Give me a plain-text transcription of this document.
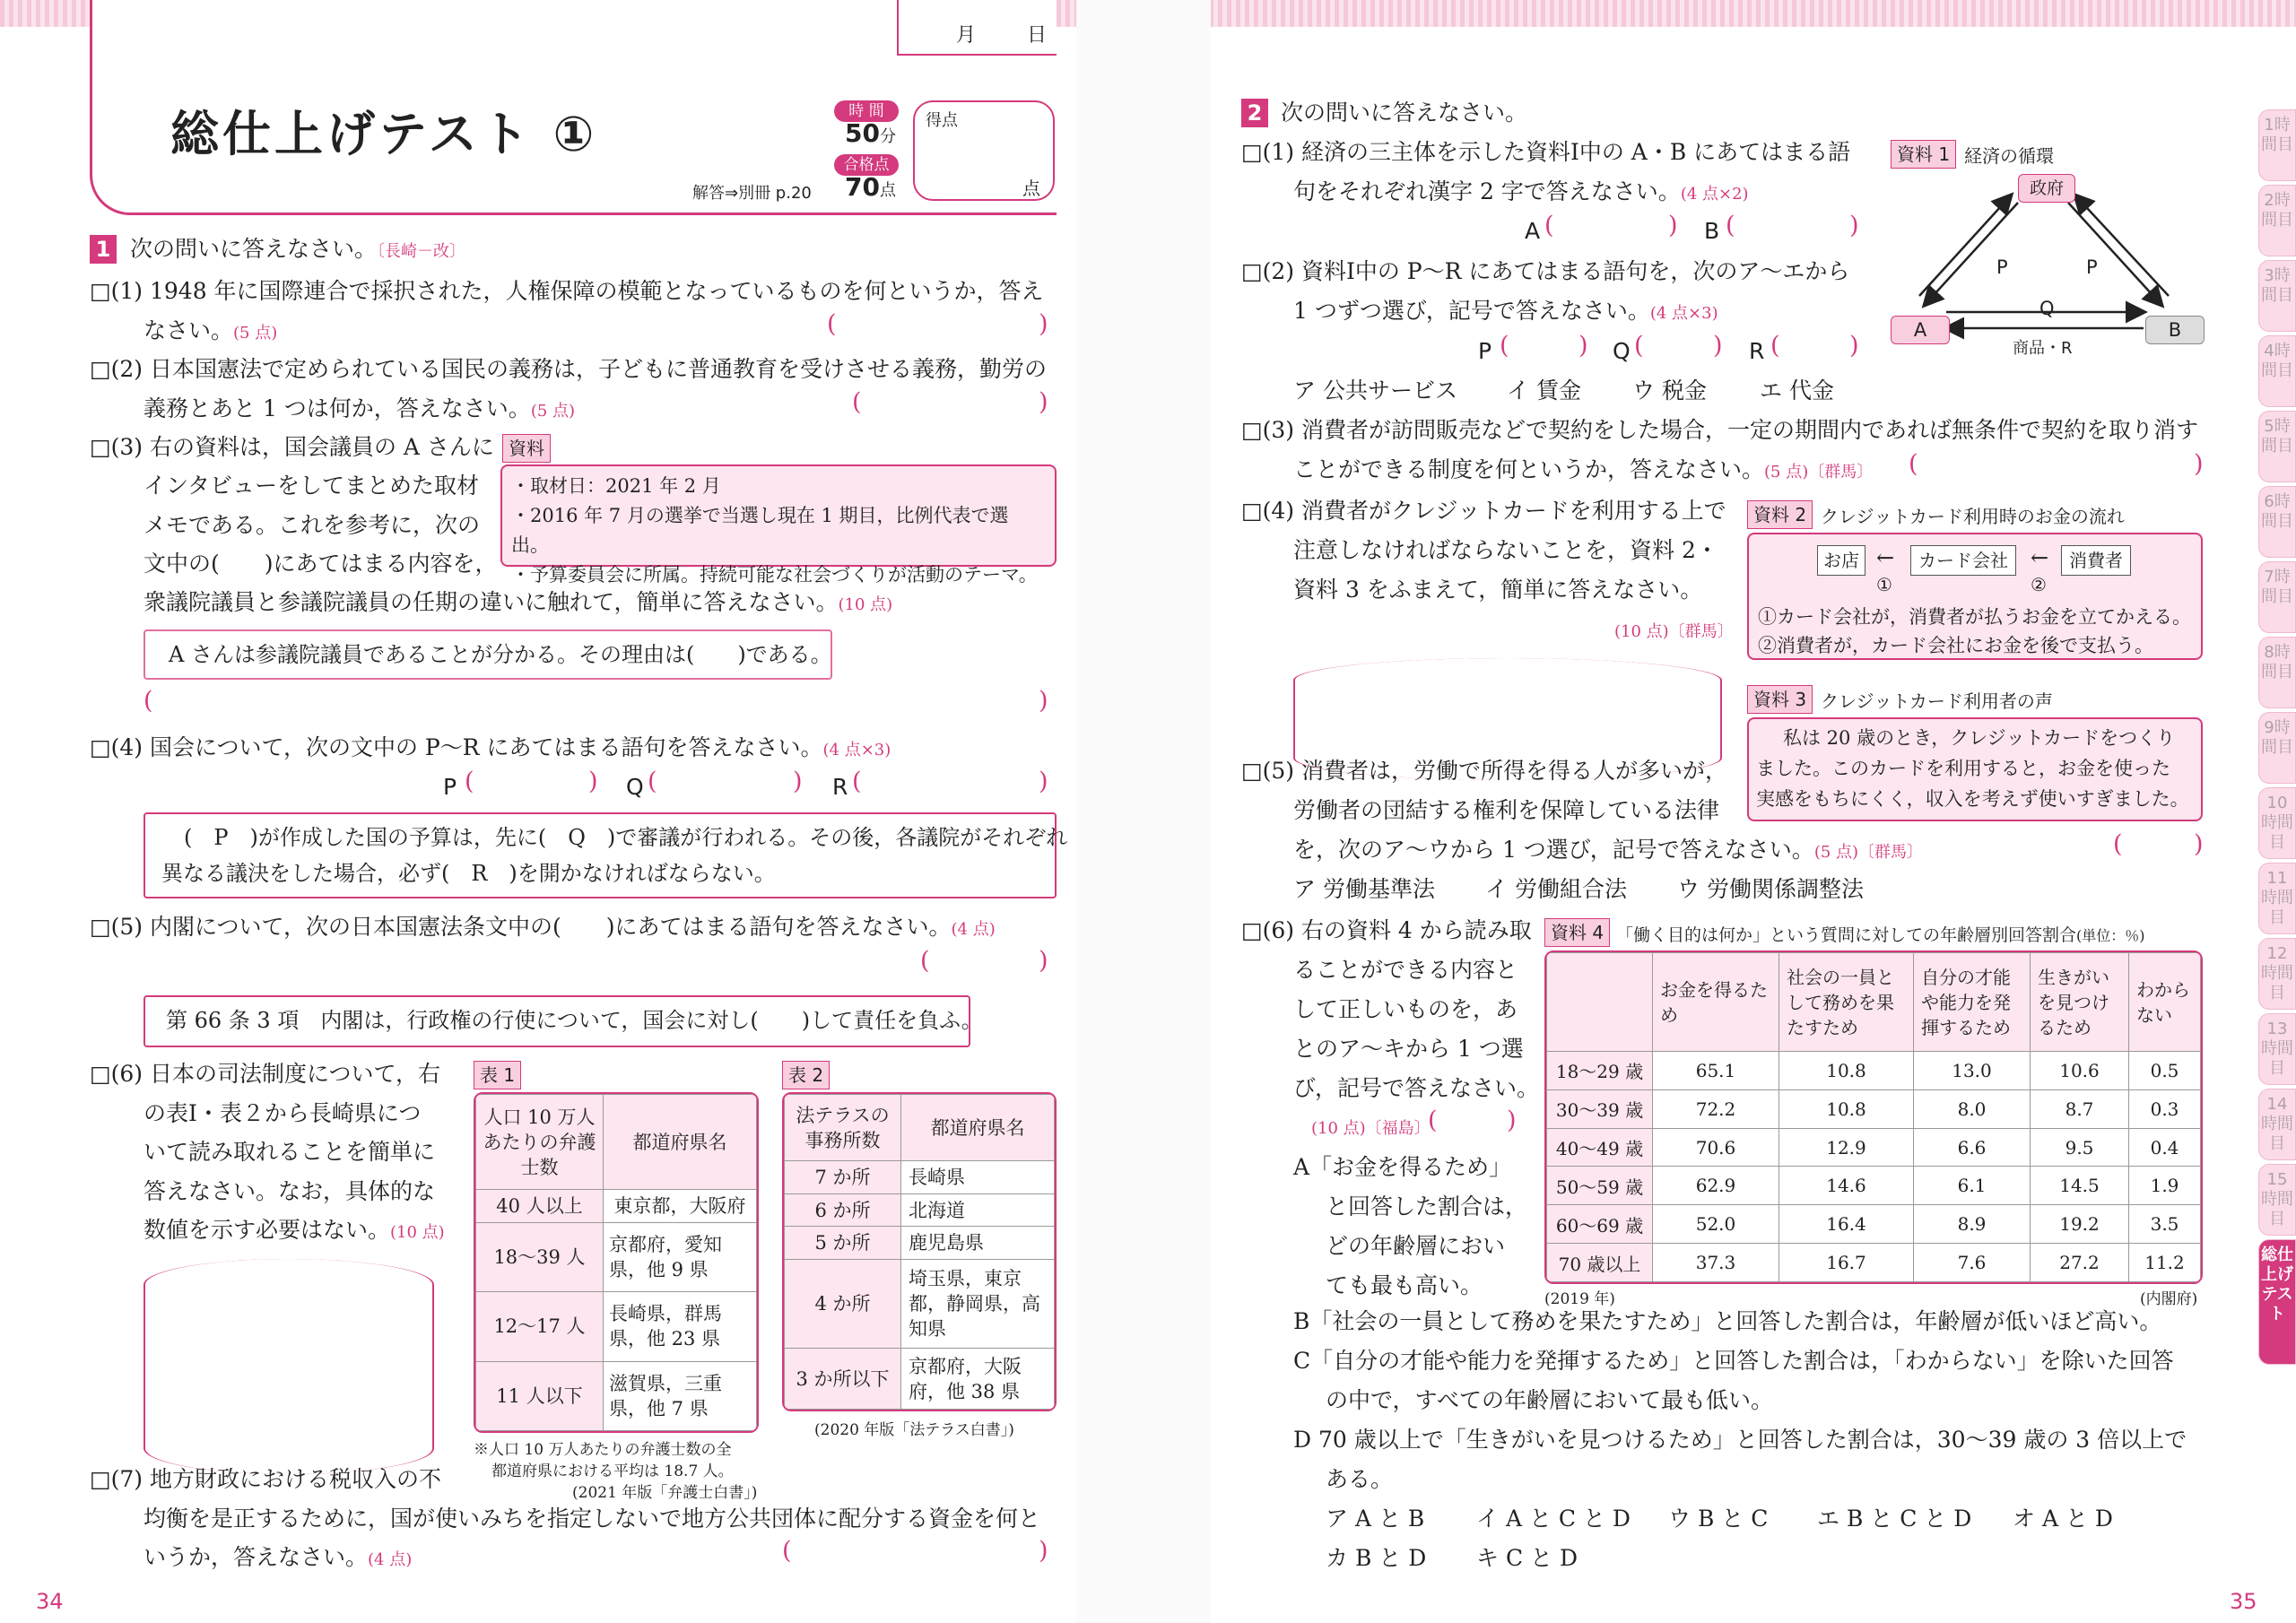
月	日
総仕上げテスト ①	時 間
50分
合格点
70点
解答⇒別冊 p.20
得点
点
1 次の問いに答えなさい。〔長崎－改〕
□(1) 1948 年に国際連合で採択された，人権保障の模範となっているものを何というか，答え
なさい。(5 点)	(	)
□(2) 日本国憲法で定められている国民の義務は，子どもに普通教育を受けさせる義務，勤労の
義務とあと 1 つは何か，答えなさい。(5 点)	(	)
□(3) 右の資料は，国会議員の A さんに
インタビューをしてまとめた取材
メモである。これを参考に，次の
文中の(　　)にあてはまる内容を，
衆議院議員と参議院議員の任期の違いに触れて，簡単に答えなさい。(10 点)
資料
・取材日：2021 年 2 月
・2016 年 7 月の選挙で当選し現在 1 期目，比例代表で選出。
・予算委員会に所属。持続可能な社会づくりが活動のテーマ。
A さんは参議院議員であることが分かる。その理由は(　　)である。
(	)
□(4) 国会について，次の文中の P～R にあてはまる語句を答えなさい。(4 点×3)
P (	) Q (	) R (	)
(　P　)が作成した国の予算は，先に(　Q　)で審議が行われる。その後，各議院がそれぞれ
異なる議決をした場合，必ず(　R　)を開かなければならない。
□(5) 内閣について，次の日本国憲法条文中の(　　)にあてはまる語句を答えなさい。(4 点)
(	)
第 66 条 3 項　内閣は，行政権の行使について，国会に対し(　　)して責任を負ふ。
□(6) 日本の司法制度について，右
の表Ⅰ・表２から長崎県につ
いて読み取れることを簡単に
答えなさい。なお，具体的な
数値を示す必要はない。(10 点)
表 1
人口 10 万人あたりの弁護士数	都道府県名
40 人以上	東京都，大阪府
18～39 人	京都府，愛知県，他 9 県
12～17 人	長崎県，群馬県，他 23 県
11 人以下	滋賀県，三重県，他 7 県
※人口 10 万人あたりの弁護士数の全
都道府県における平均は 18.7 人。
(2021 年版「弁護士白書」)
表 2
法テラスの事務所数	都道府県名
7 か所	長崎県
6 か所	北海道
5 か所	鹿児島県
4 か所	埼玉県，東京都，静岡県，高知県
3 か所以下	京都府，大阪府，他 38 県
(2020 年版「法テラス白書」)
□(7) 地方財政における税収入の不
均衡を是正するために，国が使いみちを指定しないで地方公共団体に配分する資金を何と
いうか，答えなさい。(4 点)	(	)
34
2 次の問いに答えなさい。
□(1) 経済の三主体を示した資料Ⅰ中の A・B にあてはまる語
句をそれぞれ漢字 2 字で答えなさい。(4 点×2)
A (	) B (	)
□(2) 資料Ⅰ中の P～R にあてはまる語句を，次のア～エから
1 つずつ選び，記号で答えなさい。(4 点×3)
P (	) Q (	) R (	)
ア 公共サービス イ 賃金 ウ 税金 エ 代金
資料 1 経済の循環
政府
A	B
P	P
Q
商品・R
□(3) 消費者が訪問販売などで契約をした場合，一定の期間内であれば無条件で契約を取り消す
ことができる制度を何というか，答えなさい。(5 点)〔群馬〕 (	)
□(4) 消費者がクレジットカードを利用する上で
注意しなければならないことを，資料 2・
資料 3 をふまえて，簡単に答えなさい。
(10 点)〔群馬〕
資料 2 クレジットカード利用時のお金の流れ
お店 ←	カード会社	←	消費者
①	②
①カード会社が，消費者が払うお金を立てかえる。
②消費者が，カード会社にお金を後で支払う。
資料 3 クレジットカード利用者の声
私は 20 歳のとき，クレジットカードをつくり
ました。このカードを利用すると，お金を使った
実感をもちにくく，収入を考えず使いすぎました。
□(5) 消費者は，労働で所得を得る人が多いが，
労働者の団結する権利を保障している法律
を，次のア～ウから 1 つ選び，記号で答えなさい。(5 点)〔群馬〕	(	)
ア 労働基準法 イ 労働組合法 ウ 労働関係調整法
□(6) 右の資料 4 から読み取
ることができる内容と
して正しいものを，あ
とのア～キから 1 つ選
び，記号で答えなさい。
(10 点)〔福島〕
(	)
A「お金を得るため」
と回答した割合は，
どの年齢層におい
ても最も高い。
資料 4 「働く目的は何か」という質問に対しての年齢層別回答割合(単位：％)
	お金を得るため	社会の一員として務めを果たすため	自分の才能や能力を発揮するため	生きがいを見つけるため	わからない
18～29 歳	65.1	10.8	13.0	10.6	0.5
30～39 歳	72.2	10.8	8.0	8.7	0.3
40～49 歳	70.6	12.9	6.6	9.5	0.4
50～59 歳	62.9	14.6	6.1	14.5	1.9
60～69 歳	52.0	16.4	8.9	19.2	3.5
70 歳以上	37.3	16.7	7.6	27.2	11.2
(2019 年)	(内閣府)
B「社会の一員として務めを果たすため」と回答した割合は，年齢層が低いほど高い。
C「自分の才能や能力を発揮するため」と回答した割合は，「わからない」を除いた回答
の中で，すべての年齢層において最も低い。
D 70 歳以上で「生きがいを見つけるため」と回答した割合は，30～39 歳の 3 倍以上で
ある。
ア A と B イ A と C と D ウ B と C エ B と C と D オ A と D
カ B と D キ C と D
35
1時間目
2時間目
3時間目
4時間目
5時間目
6時間目
7時間目
8時間目
9時間目
10時間目
11時間目
12時間目
13時間目
14時間目
15時間目
総仕上げテスト
